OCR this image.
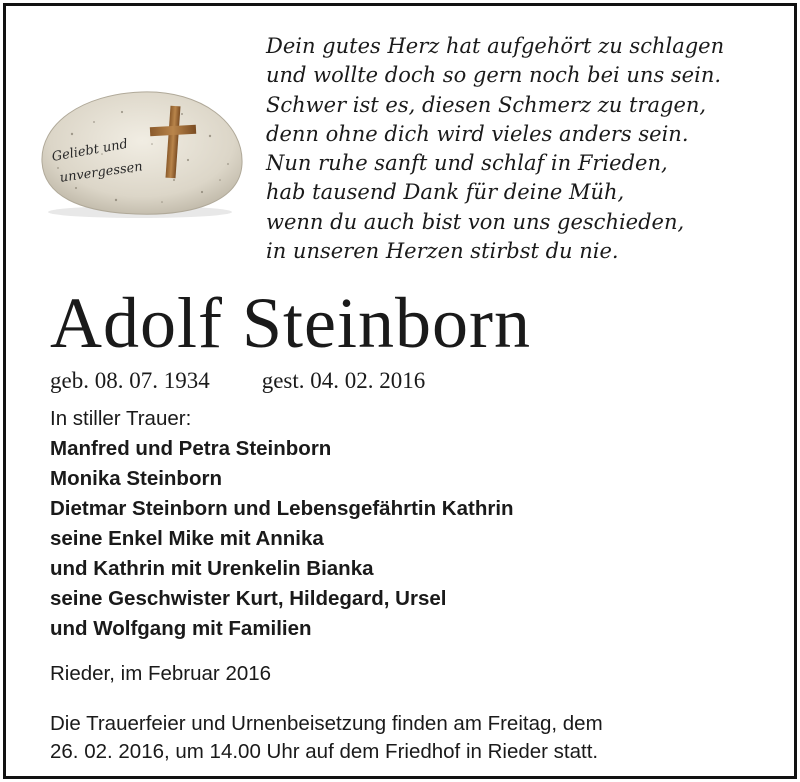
Geliebt und
unvergessen
Dein gutes Herz hat aufgehört zu schlagen
und wollte doch so gern noch bei uns sein.
Schwer ist es, diesen Schmerz zu tragen,
denn ohne dich wird vieles anders sein.
Nun ruhe sanft und schlaf in Frieden,
hab tausend Dank für deine Müh,
wenn du auch bist von uns geschieden,
in unseren Herzen stirbst du nie.
Adolf Steinborn
geb. 08. 07. 1934 gest. 04. 02. 2016
In stiller Trauer:
Manfred und Petra Steinborn
Monika Steinborn
Dietmar Steinborn und Lebensgefährtin Kathrin
seine Enkel Mike mit Annika
und Kathrin mit Urenkelin Bianka
seine Geschwister Kurt, Hildegard, Ursel
und Wolfgang mit Familien
Rieder, im Februar 2016
Die Trauerfeier und Urnenbeisetzung finden am Freitag, dem
26. 02. 2016, um 14.00 Uhr auf dem Friedhof in Rieder statt.
